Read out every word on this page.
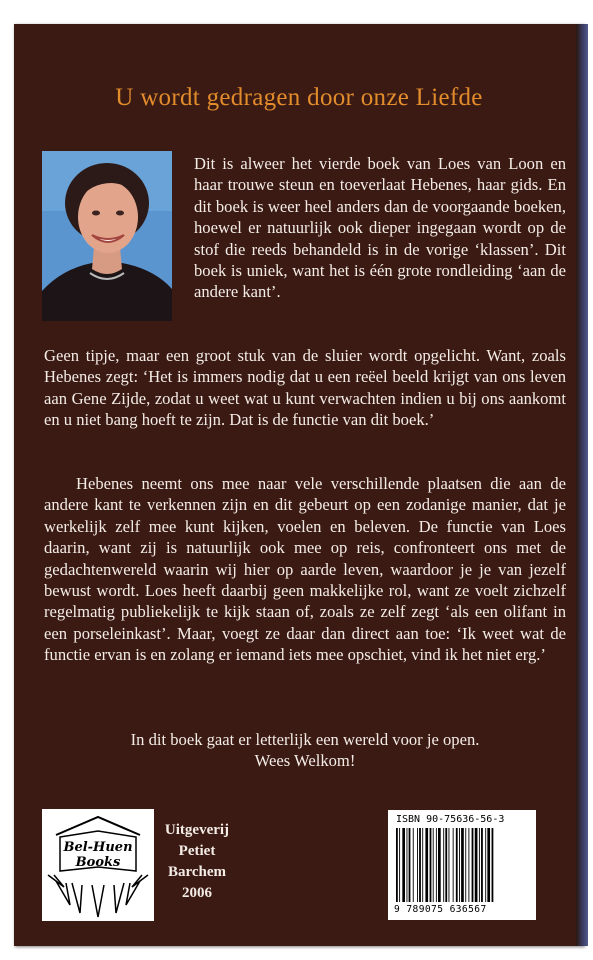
U wordt gedragen door onze Liefde

Dit is alweer het vierde boek van Loes van Loon en haar trouwe steun en toeverlaat Hebenes, haar gids. En dit boek is weer heel anders dan de voorgaande boeken, hoewel er natuurlijk ook dieper ingegaan wordt op de stof die reeds behandeld is in de vorige ‘klassen’. Dit boek is uniek, want het is één grote rondleiding ‘aan de andere kant’.

Geen tipje, maar een groot stuk van de sluier wordt opgelicht. Want, zoals Hebenes zegt: ‘Het is immers nodig dat u een reëel beeld krijgt van ons leven aan Gene Zijde, zodat u weet wat u kunt verwachten indien u bij ons aankomt en u niet bang hoeft te zijn. Dat is de functie van dit boek.’

Hebenes neemt ons mee naar vele verschillende plaatsen die aan de andere kant te verkennen zijn en dit gebeurt op een zodanige manier, dat je werkelijk zelf mee kunt kijken, voelen en beleven. De functie van Loes daarin, want zij is natuurlijk ook mee op reis, confronteert ons met de gedachtenwereld waarin wij hier op aarde leven, waardoor je je van jezelf bewust wordt. Loes heeft daarbij geen makkelijke rol, want ze voelt zichzelf regelmatig publiekelijk te kijk staan of, zoals ze zelf zegt ‘als een olifant in een porseleinkast’. Maar, voegt ze daar dan direct aan toe: ‘Ik weet wat de functie ervan is en zolang er iemand iets mee opschiet, vind ik het niet erg.’

In dit boek gaat er letterlijk een wereld voor je open.

Wees Welkom!

Bel-Huen
Books
Uitgeverij
Petiet
Barchem
2006
ISBN 90-75636-56-3
9 789075 636567
